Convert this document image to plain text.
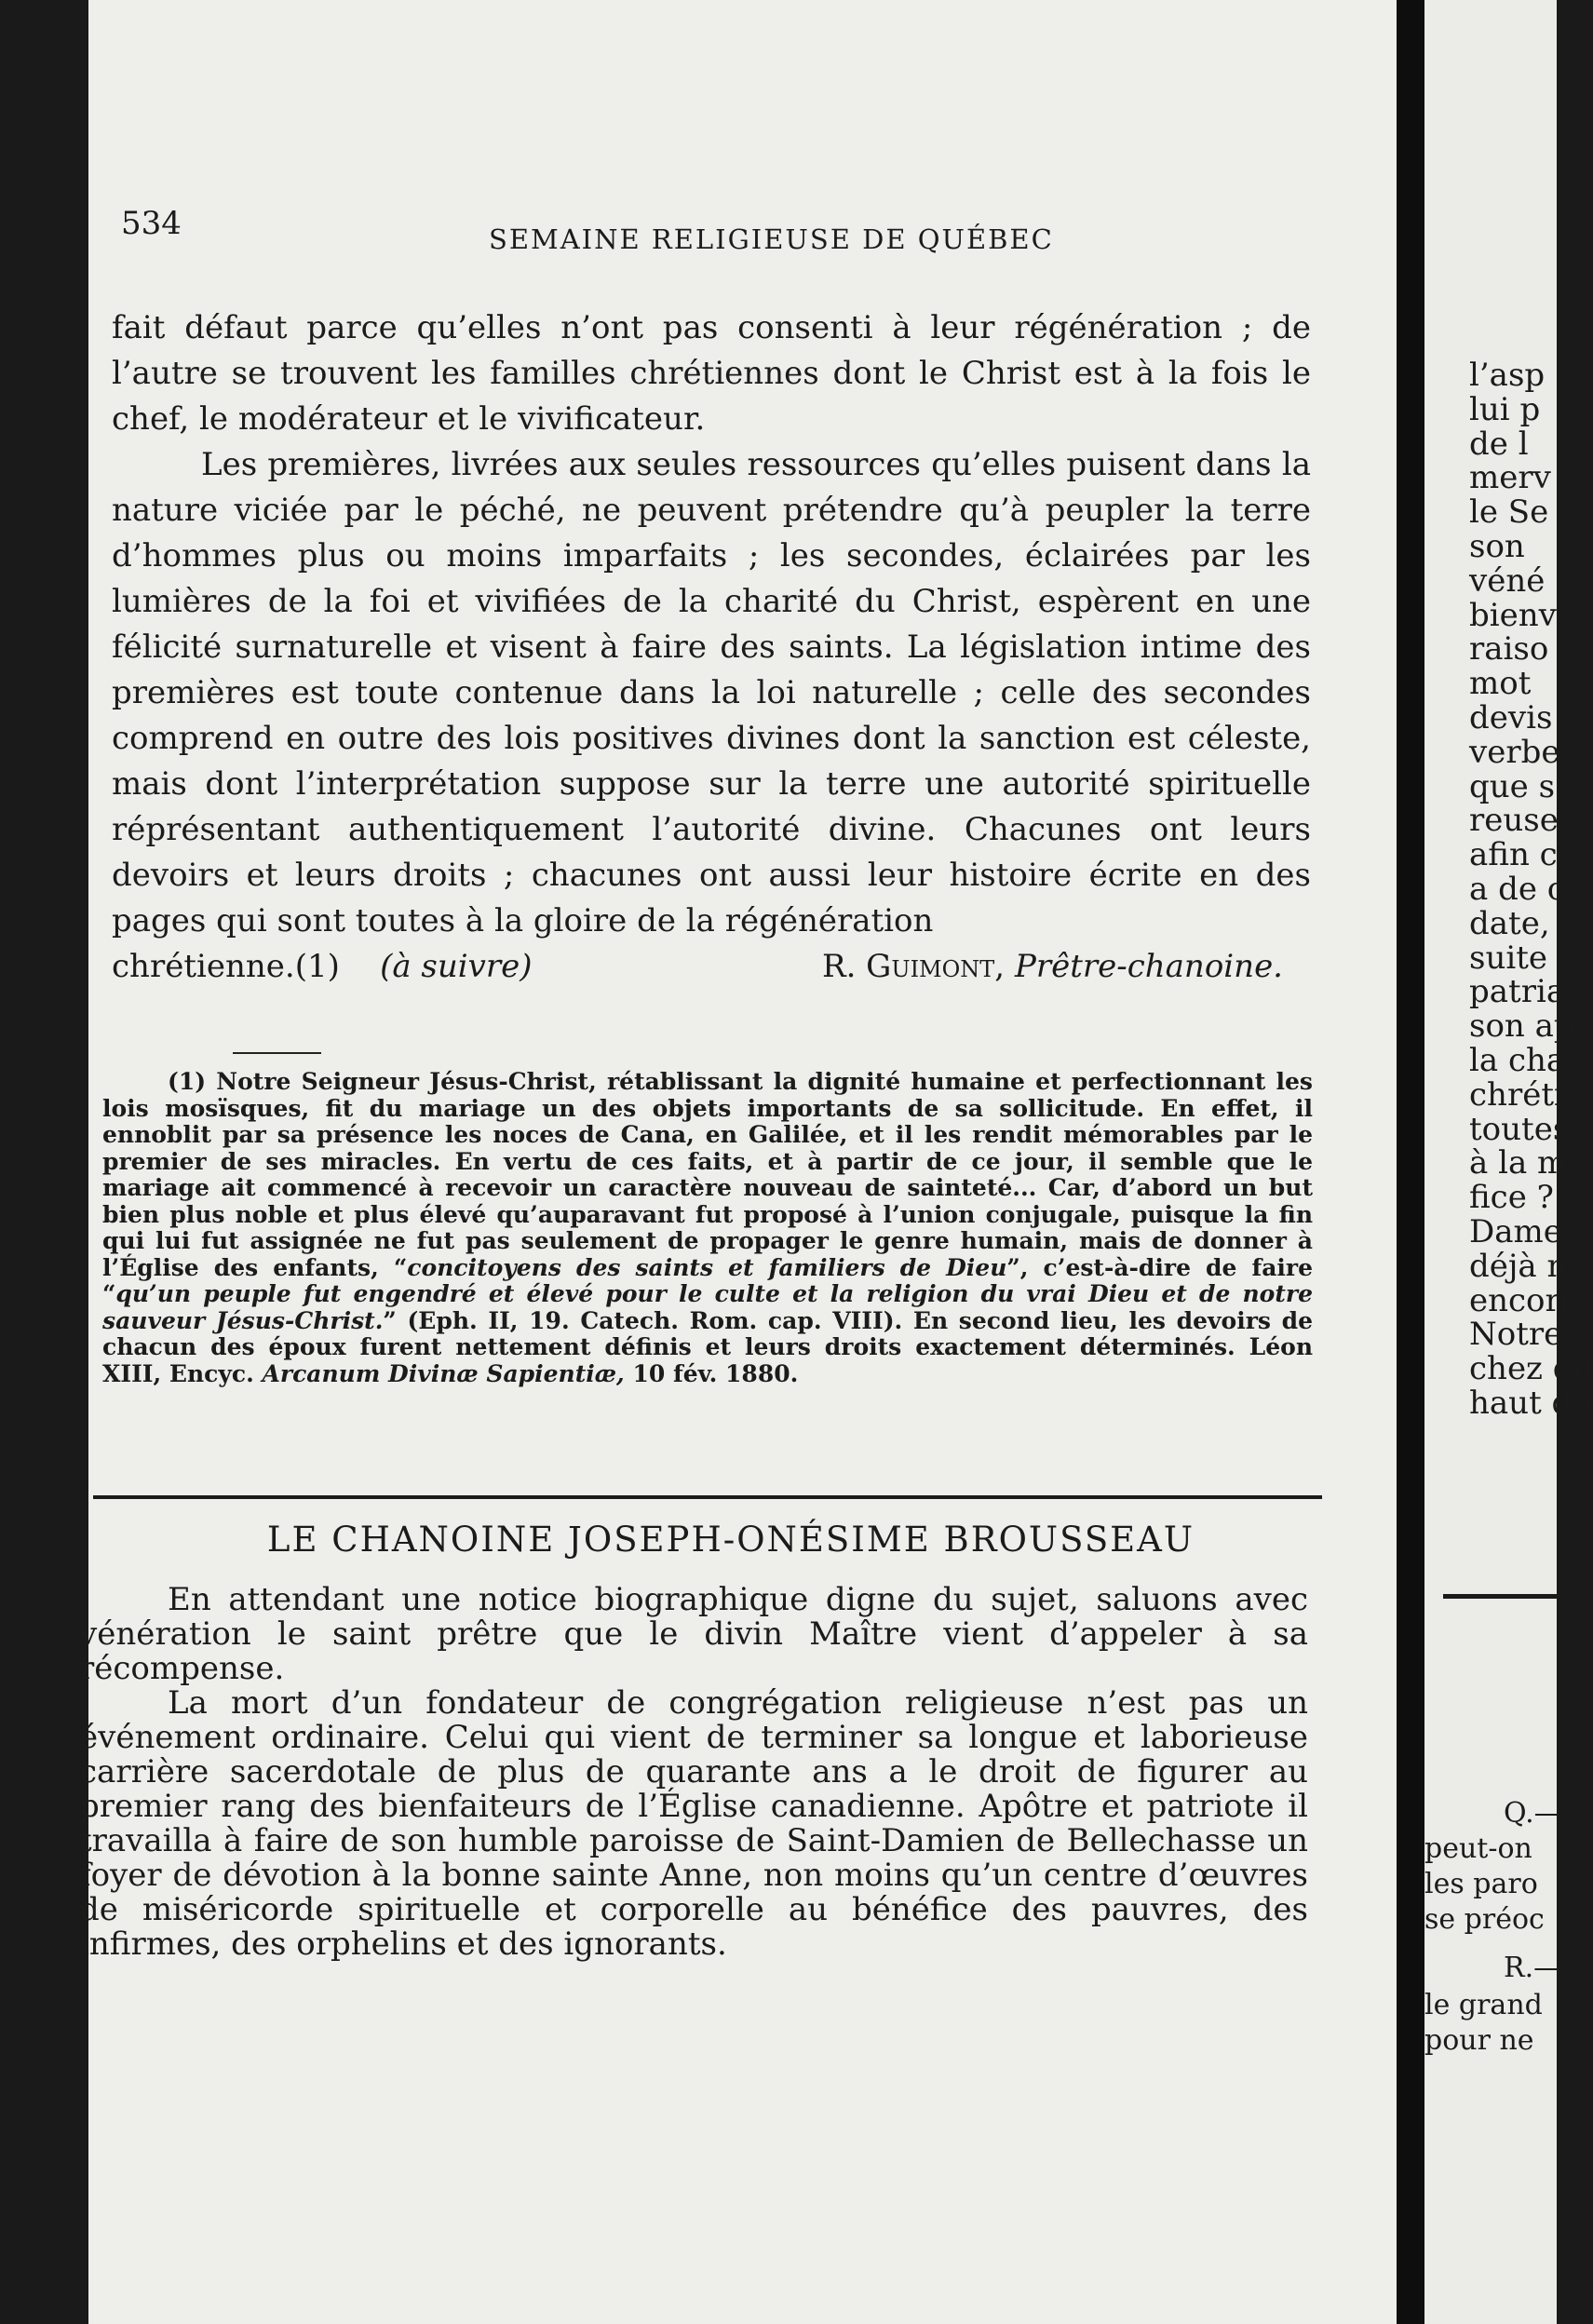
534	SEMAINE RELIGIEUSE DE QUÉBEC

fait défaut parce qu’elles n’ont pas consenti à leur régénération ; de l’autre se trouvent les familles chrétiennes dont le Christ est à la fois le chef, le modérateur et le vivificateur.

Les premières, livrées aux seules ressources qu’elles puisent dans la nature viciée par le péché, ne peuvent prétendre qu’à peupler la terre d’hommes plus ou moins imparfaits ; les secondes, éclairées par les lumières de la foi et vivifiées de la charité du Christ, espèrent en une félicité surnaturelle et visent à faire des saints. La législation intime des premières est toute contenue dans la loi naturelle ; celle des secondes comprend en outre des lois positives divines dont la sanction est céleste, mais dont l’interprétation suppose sur la terre une autorité spirituelle réprésentant authentiquement l’autorité divine. Chacunes ont leurs devoirs et leurs droits ; chacunes ont aussi leur histoire écrite en des pages qui sont toutes à la gloire de la régénération

chrétienne.(1) (à suivre)	R. Guimont, Prêtre-chanoine.

(1) Notre Seigneur Jésus-Christ, rétablissant la dignité humaine et perfectionnant les lois mosïsques, fit du mariage un des objets importants de sa sollicitude. En effet, il ennoblit par sa présence les noces de Cana, en Galilée, et il les rendit mémorables par le premier de ses miracles. En vertu de ces faits, et à partir de ce jour, il semble que le mariage ait commencé à recevoir un caractère nouveau de sainteté... Car, d’abord un but bien plus noble et plus élevé qu’auparavant fut proposé à l’union conjugale, puisque la fin qui lui fut assignée ne fut pas seulement de propager le genre humain, mais de donner à l’Église des enfants, “concitoyens des saints et familiers de Dieu”, c’est-à-dire de faire “qu’un peuple fut engendré et élevé pour le culte et la religion du vrai Dieu et de notre sauveur Jésus-Christ.” (Eph. II, 19. Catech. Rom. cap. VIII). En second lieu, les devoirs de chacun des époux furent nettement définis et leurs droits exactement déterminés. Léon XIII, Encyc. Arcanum Divinæ Sapientiæ, 10 fév. 1880.

LE CHANOINE JOSEPH-ONÉSIME BROUSSEAU

En attendant une notice biographique digne du sujet, saluons avec vénération le saint prêtre que le divin Maître vient d’appeler à sa récompense.

La mort d’un fondateur de congrégation religieuse n’est pas un événement ordinaire. Celui qui vient de terminer sa longue et laborieuse carrière sacerdotale de plus de quarante ans a le droit de figurer au premier rang des bienfaiteurs de l’Église canadienne. Apôtre et patriote il travailla à faire de son humble paroisse de Saint-Damien de Bellechasse un foyer de dévotion à la bonne sainte Anne, non moins qu’un centre d’œuvres de miséricorde spirituelle et corporelle au bénéfice des pauvres, des infirmes, des orphelins et des ignorants.

l’asp
lui p
de l
merv
le Se
son
véné
bienv
raiso
mot
devis
verbe
que s
reuse
afin c
a de c
date,
suite
patria
son ap
la cha
chréti
toutes
à la m
fice ?
Dame
déjà n
encore
Notre-
chez qu
haut du
Q.—
peut-on
les paro
se préoc
R.—
le grand
pour ne
